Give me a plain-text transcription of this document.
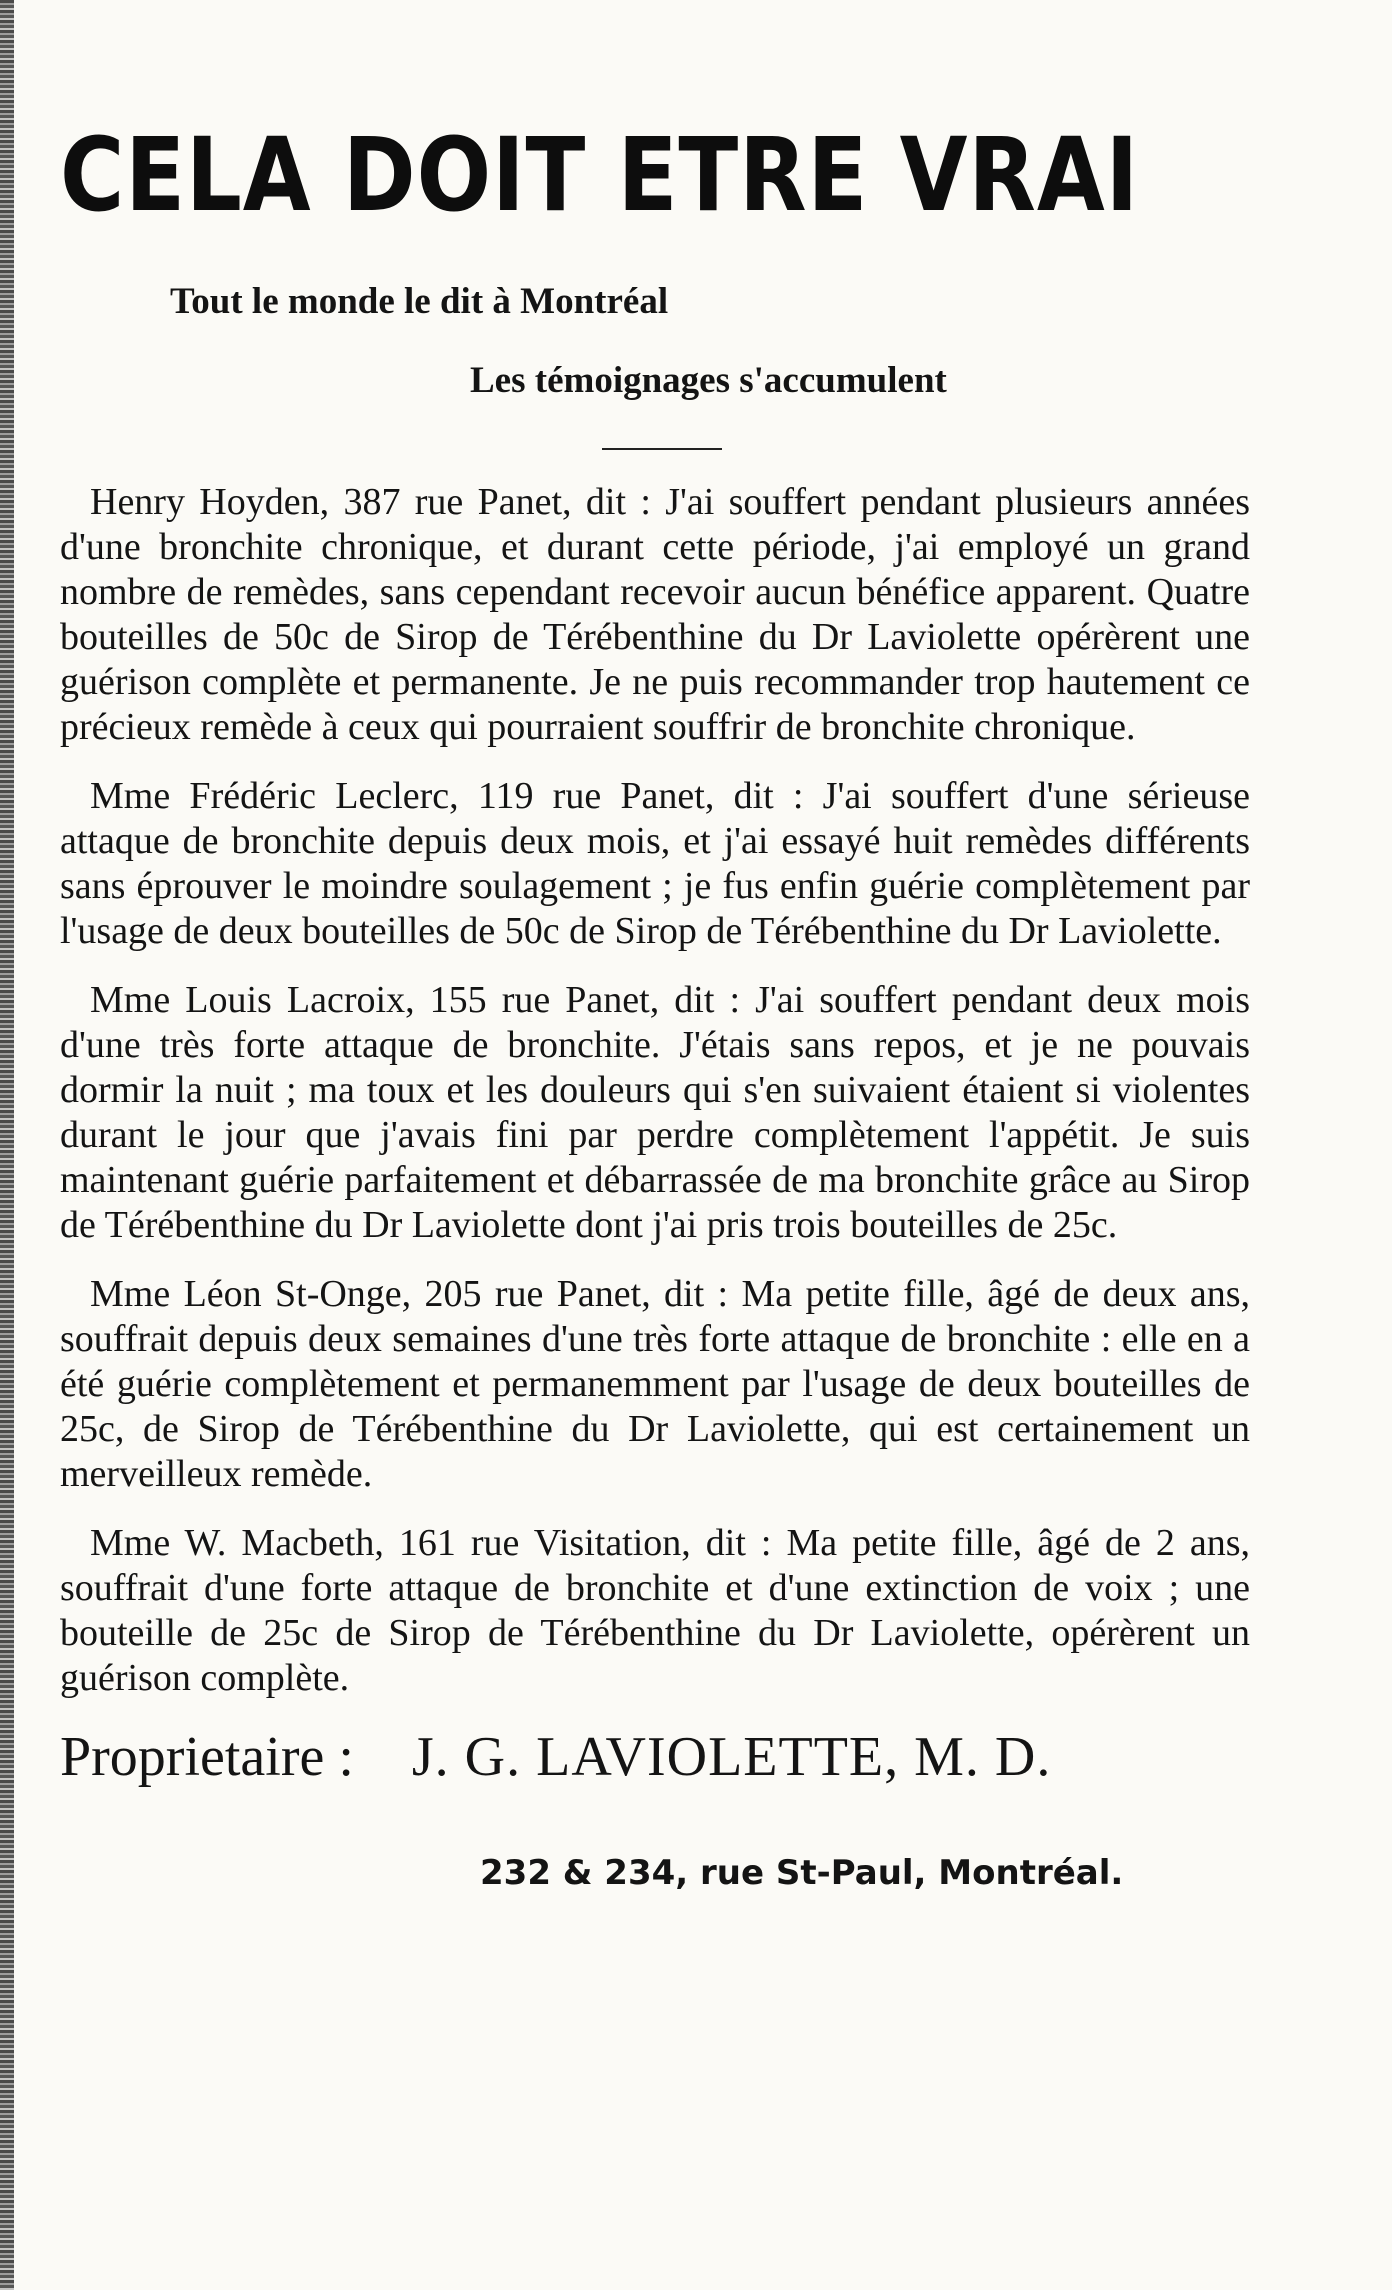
CELA DOIT ETRE VRAI
Tout le monde le dit à Montréal
Les témoignages s'accumulent

Henry Hoyden, 387 rue Panet, dit : J'ai souffert pendant plusieurs années d'une bronchite chronique, et durant cette période, j'ai employé un grand nombre de remèdes, sans cependant recevoir aucun bénéfice apparent. Quatre bouteilles de 50c de Sirop de Térébenthine du Dr Laviolette opérèrent une guérison complète et permanente. Je ne puis recommander trop hautement ce précieux remède à ceux qui pourraient souffrir de bronchite chronique.

Mme Frédéric Leclerc, 119 rue Panet, dit : J'ai souffert d'une sérieuse attaque de bronchite depuis deux mois, et j'ai essayé huit remèdes différents sans éprouver le moindre soulagement ; je fus enfin guérie complètement par l'usage de deux bouteilles de 50c de Sirop de Térébenthine du Dr Laviolette.

Mme Louis Lacroix, 155 rue Panet, dit : J'ai souffert pendant deux mois d'une très forte attaque de bronchite. J'étais sans repos, et je ne pouvais dormir la nuit ; ma toux et les douleurs qui s'en suivaient étaient si violentes durant le jour que j'avais fini par perdre complètement l'appétit. Je suis maintenant guérie parfaitement et débarrassée de ma bronchite grâce au Sirop de Térébenthine du Dr Laviolette dont j'ai pris trois bouteilles de 25c.

Mme Léon St-Onge, 205 rue Panet, dit : Ma petite fille, âgé de deux ans, souffrait depuis deux semaines d'une très forte attaque de bronchite : elle en a été guérie complètement et permanemment par l'usage de deux bouteilles de 25c, de Sirop de Térébenthine du Dr Laviolette, qui est certainement un merveilleux remède.

Mme W. Macbeth, 161 rue Visitation, dit : Ma petite fille, âgé de 2 ans, souffrait d'une forte attaque de bronchite et d'une extinction de voix ; une bouteille de 25c de Sirop de Térébenthine du Dr Laviolette, opérèrent un guérison complète.

Proprietaire : J. G. LAVIOLETTE, M. D.
232 & 234, rue St-Paul, Montréal.
